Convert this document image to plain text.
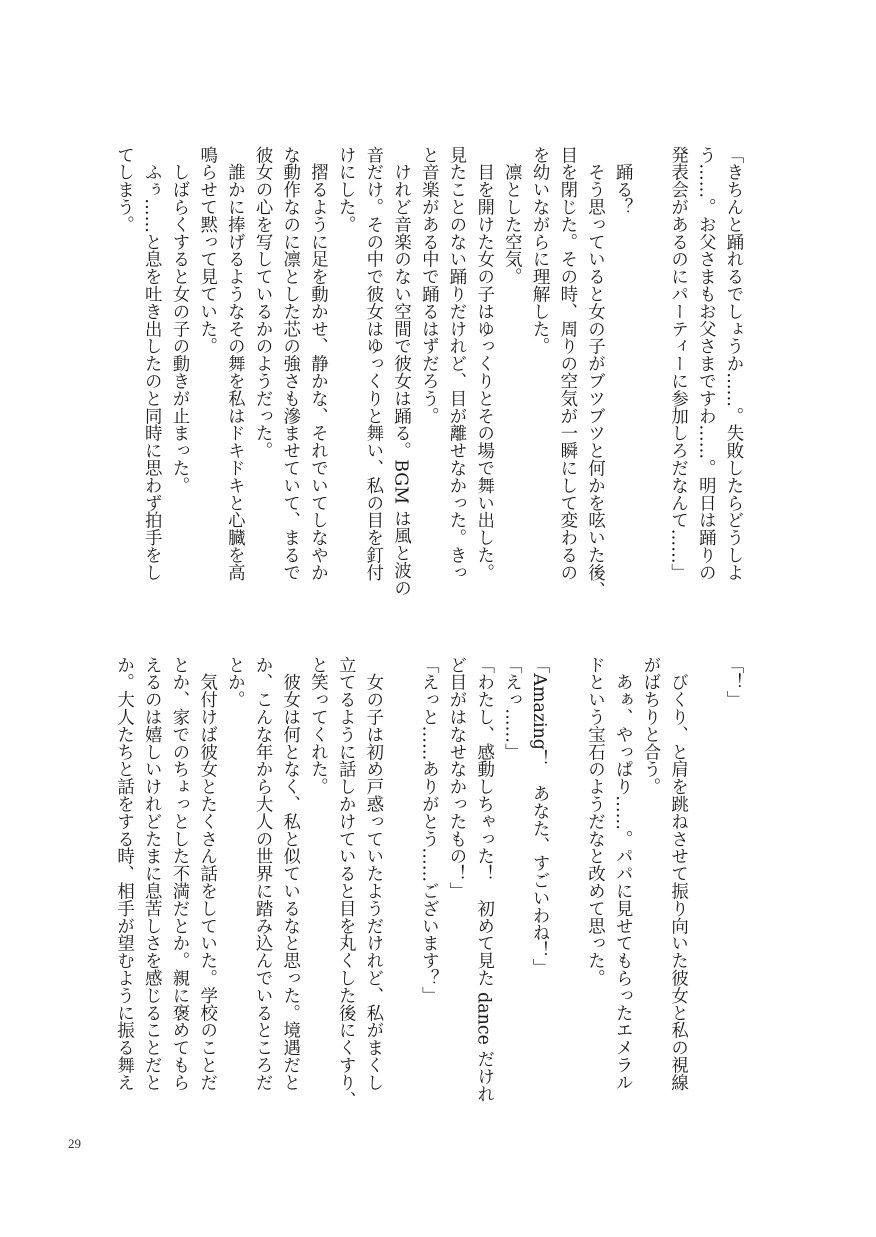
「きちんと踊れるでしょうか……。失敗したらどうしよ
う……。お父さまもお父さまですわ……。明日は踊りの
発表会があるのにパーティーに参加しろだなんて……」

　踊る？
　そう思っていると女の子がブツブツと何かを呟いた後、
目を閉じた。その時、周りの空気が一瞬にして変わるの
を幼いながらに理解した。
　凛とした空気。
　目を開けた女の子はゆっくりとその場で舞い出した。
見たことのない踊りだけれど、目が離せなかった。きっ
と音楽がある中で踊るはずだろう。
　けれど音楽のない空間で彼女は踊る。BGM は風と波の
音だけ。その中で彼女はゆっくりと舞い、私の目を釘付
けにした。
　摺るように足を動かせ、静かな、それでいてしなやか
な動作なのに凛とした芯の強さも滲ませていて、まるで
彼女の心を写しているかのようだった。
　誰かに捧げるようなその舞を私はドキドキと心臓を高
鳴らせて黙って見ていた。
　しばらくすると女の子の動きが止まった。
　ふぅ……と息を吐き出したのと同時に思わず拍手をし
てしまう。
「！」

　びくり、と肩を跳ねさせて振り向いた彼女と私の視線
がばちりと合う。
　あぁ、やっぱり……。パパに見せてもらったエメラル
ドという宝石のようだなと改めて思った。

「Amazing！　あなた、すごいわね！」
「えっ……」
「わたし、感動しちゃった！　初めて見た dance だけれ
ど目がはなせなかったもの！」
「えっと……ありがとう……ございます？」

　女の子は初め戸惑っていたようだけれど、私がまくし
立てるように話しかけていると目を丸くした後にくすり、
と笑ってくれた。
　彼女は何となく、私と似ているなと思った。境遇だと
か、こんな年から大人の世界に踏み込んでいるところだ
とか。
　気付けば彼女とたくさん話をしていた。学校のことだ
とか、家でのちょっとした不満だとか。親に褒めてもら
えるのは嬉しいけれどたまに息苦しさを感じることだと
か。大人たちと話をする時、相手が望むように振る舞え
29
